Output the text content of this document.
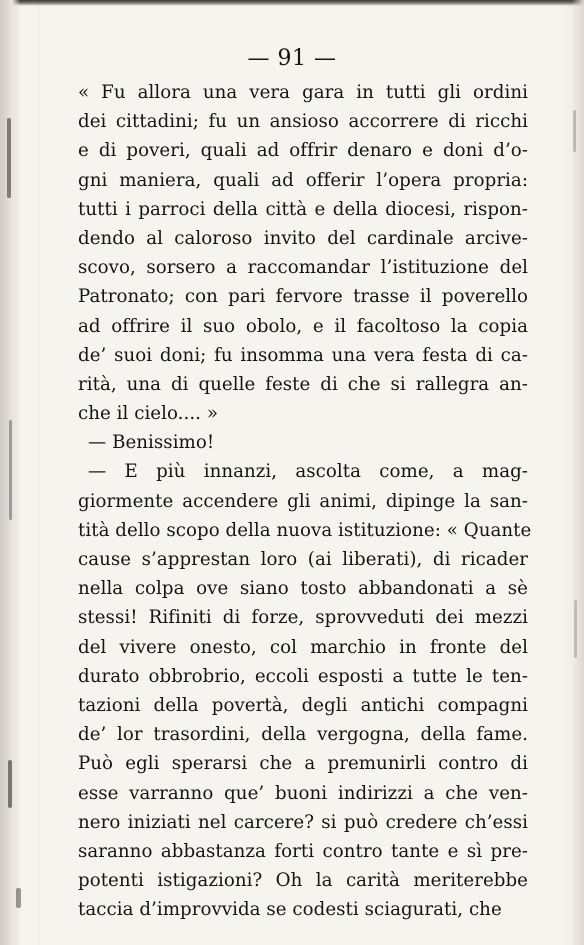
— 91 —
« Fu allora una vera gara in tutti gli ordini
dei cittadini; fu un ansioso accorrere di ricchi
e di poveri, quali ad offrir denaro e doni d’o-
gni maniera, quali ad offerir l’opera propria:
tutti i parroci della città e della diocesi, rispon-
dendo al caloroso invito del cardinale arcive-
scovo, sorsero a raccomandar l’istituzione del
Patronato; con pari fervore trasse il poverello
ad offrire il suo obolo, e il facoltoso la copia
de’ suoi doni; fu insomma una vera festa di ca-
rità, una di quelle feste di che si rallegra an-
che il cielo.... »
— Benissimo!
— E più innanzi, ascolta come, a mag-
giormente accendere gli animi, dipinge la san-
tità dello scopo della nuova istituzione: « Quante
cause s’apprestan loro (ai liberati), di ricader
nella colpa ove siano tosto abbandonati a sè
stessi! Rifiniti di forze, sprovveduti dei mezzi
del vivere onesto, col marchio in fronte del
durato obbrobrio, eccoli esposti a tutte le ten-
tazioni della povertà, degli antichi compagni
de’ lor trasordini, della vergogna, della fame.
Può egli sperarsi che a premunirli contro di
esse varranno que’ buoni indirizzi a che ven-
nero iniziati nel carcere? si può credere ch’essi
saranno abbastanza forti contro tante e sì pre-
potenti istigazioni? Oh la carità meriterebbe
taccia d’improvvida se codesti sciagurati, che
